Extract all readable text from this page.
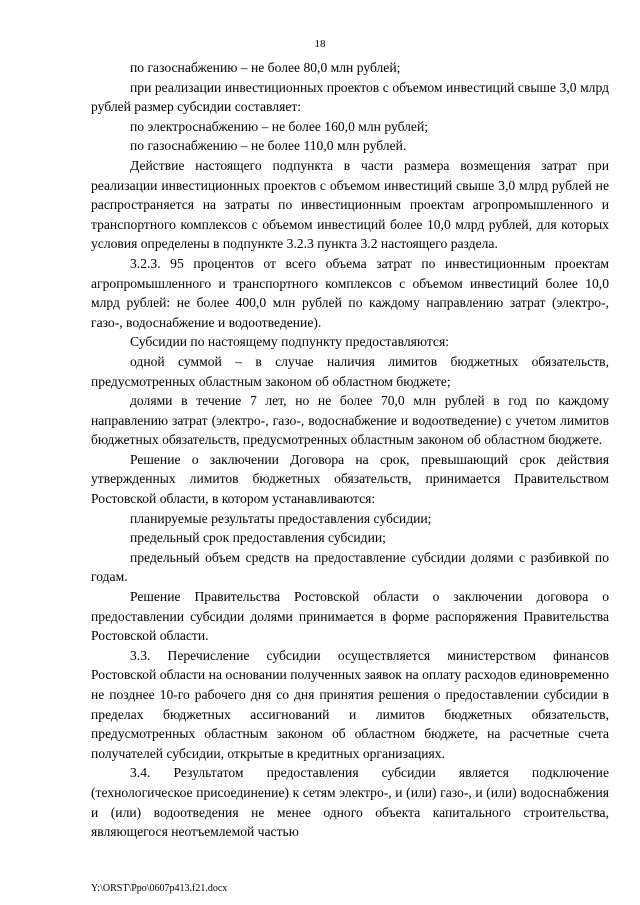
18

по газоснабжению – не более 80,0 млн рублей;

при реализации инвестиционных проектов с объемом инвестиций свыше 3,0 млрд рублей размер субсидии составляет:

по электроснабжению – не более 160,0 млн рублей;

по газоснабжению – не более 110,0 млн рублей.

Действие настоящего подпункта в части размера возмещения затрат при реализации инвестиционных проектов с объемом инвестиций свыше 3,0 млрд рублей не распространяется на затраты по инвестиционным проектам агропромышленного и транспортного комплексов с объемом инвестиций более 10,0 млрд рублей, для которых условия определены в подпункте 3.2.3 пункта 3.2 настоящего раздела.

3.2.3. 95 процентов от всего объема затрат по инвестиционным проектам агропромышленного и транспортного комплексов с объемом инвестиций более 10,0 млрд рублей: не более 400,0 млн рублей по каждому направлению затрат (электро-, газо-, водоснабжение и водоотведение).

Субсидии по настоящему подпункту предоставляются:

одной суммой – в случае наличия лимитов бюджетных обязательств, предусмотренных областным законом об областном бюджете;

долями в течение 7 лет, но не более 70,0 млн рублей в год по каждому направлению затрат (электро-, газо-, водоснабжение и водоотведение) с учетом лимитов бюджетных обязательств, предусмотренных областным законом об областном бюджете.

Решение о заключении Договора на срок, превышающий срок действия утвержденных лимитов бюджетных обязательств, принимается Правительством Ростовской области, в котором устанавливаются:

планируемые результаты предоставления субсидии;

предельный срок предоставления субсидии;

предельный объем средств на предоставление субсидии долями с разбивкой по годам.

Решение Правительства Ростовской области о заключении договора о предоставлении субсидии долями принимается в форме распоряжения Правительства Ростовской области.

3.3. Перечисление субсидии осуществляется министерством финансов Ростовской области на основании полученных заявок на оплату расходов единовременно не позднее 10-го рабочего дня со дня принятия решения о предоставлении субсидии в пределах бюджетных ассигнований и лимитов бюджетных обязательств, предусмотренных областным законом об областном бюджете, на расчетные счета получателей субсидии, открытые в кредитных организациях.

3.4. Результатом предоставления субсидии является подключение (технологическое присоединение) к сетям электро-, и (или) газо-, и (или) водоснабжения и (или) водоотведения не менее одного объекта капитального строительства, являющегося неотъемлемой частью

Y:\ORST\Ppo\0607p413.f21.docx
